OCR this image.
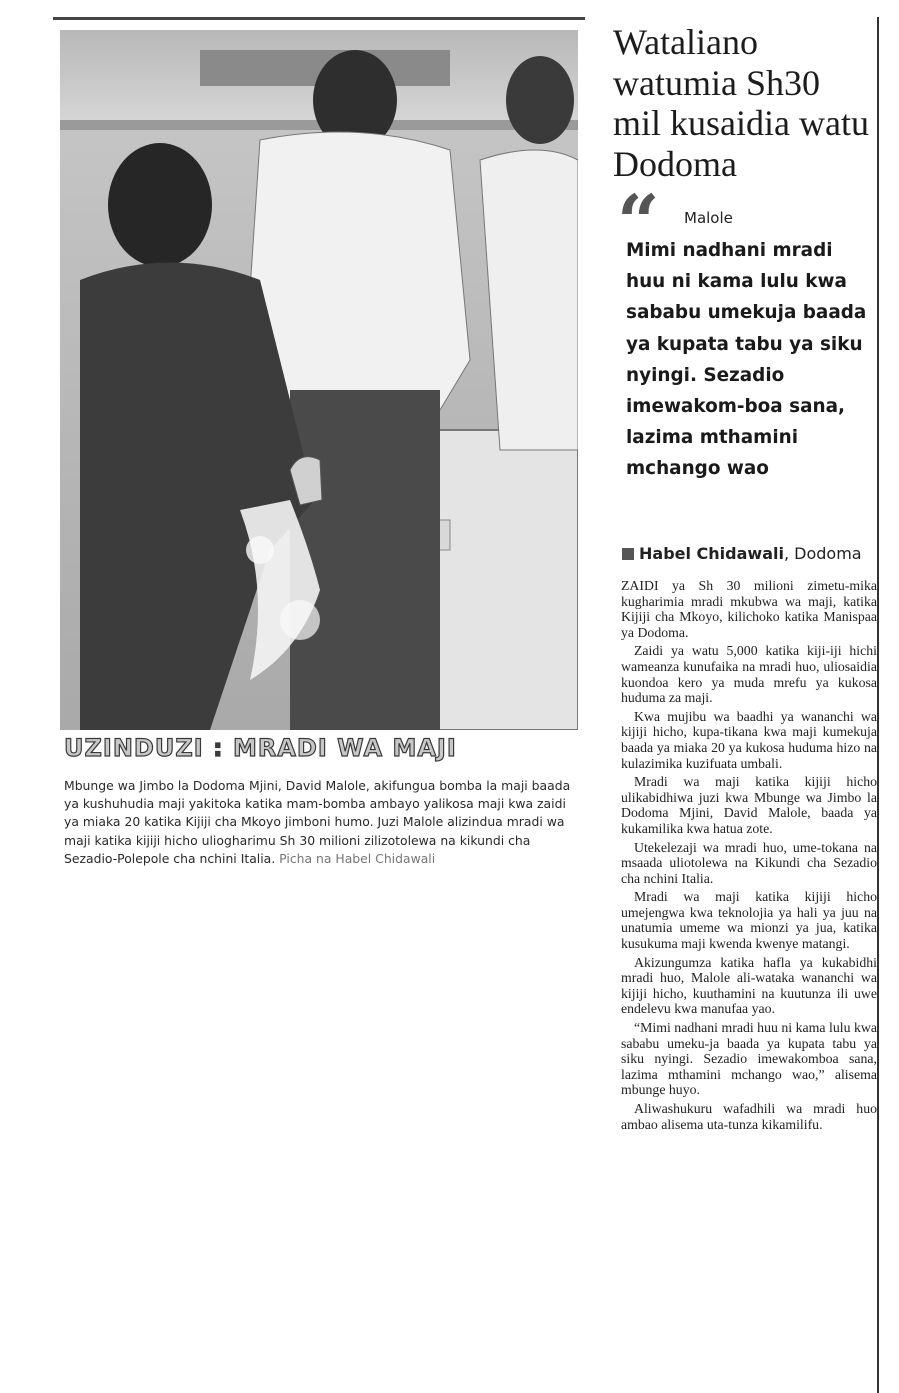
UZINDUZI : MRADI WA MAJI
Mbunge wa Jimbo la Dodoma Mjini, David Malole, akifungua bomba la maji baada ya kushuhudia maji yakitoka katika mam-bomba ambayo yalikosa maji kwa zaidi ya miaka 20 katika Kijiji cha Mkoyo jimboni humo. Juzi Malole alizindua mradi wa maji katika kijiji hicho uliogharimu Sh 30 milioni zilizotolewa na kikundi cha Sezadio-Polepole cha nchini Italia. Picha na Habel Chidawali
Wataliano watumia Sh30 mil kusaidia watu Dodoma
“ Malole
Mimi nadhani mradi huu ni kama lulu kwa sababu umekuja baada ya kupata tabu ya siku nyingi. Sezadio imewakom-boa sana, lazima mthamini mchango wao
Habel Chidawali, Dodoma

ZAIDI ya Sh 30 milioni zimetu-mika kugharimia mradi mkubwa wa maji, katika Kijiji cha Mkoyo, kilichoko katika Manispaa ya Dodoma.

Zaidi ya watu 5,000 katika kiji-iji hichi wameanza kunufaika na mradi huo, uliosaidia kuondoa kero ya muda mrefu ya kukosa huduma za maji.

Kwa mujibu wa baadhi ya wananchi wa kijiji hicho, kupa-tikana kwa maji kumekuja baada ya miaka 20 ya kukosa huduma hizo na kulazimika kuzifuata umbali.

Mradi wa maji katika kijiji hicho ulikabidhiwa juzi kwa Mbunge wa Jimbo la Dodoma Mjini, David Malole, baada ya kukamilika kwa hatua zote.

Utekelezaji wa mradi huo, ume-tokana na msaada uliotolewa na Kikundi cha Sezadio cha nchini Italia.

Mradi wa maji katika kijiji hicho umejengwa kwa teknolojia ya hali ya juu na unatumia umeme wa mionzi ya jua, katika kusukuma maji kwenda kwenye matangi.

Akizungumza katika hafla ya kukabidhi mradi huo, Malole ali-wataka wananchi wa kijiji hicho, kuuthamini na kuutunza ili uwe endelevu kwa manufaa yao.

“Mimi nadhani mradi huu ni kama lulu kwa sababu umeku-ja baada ya kupata tabu ya siku nyingi. Sezadio imewakomboa sana, lazima mthamini mchango wao,” alisema mbunge huyo.

Aliwashukuru wafadhili wa mradi huo ambao alisema uta-tunza kikamilifu.
